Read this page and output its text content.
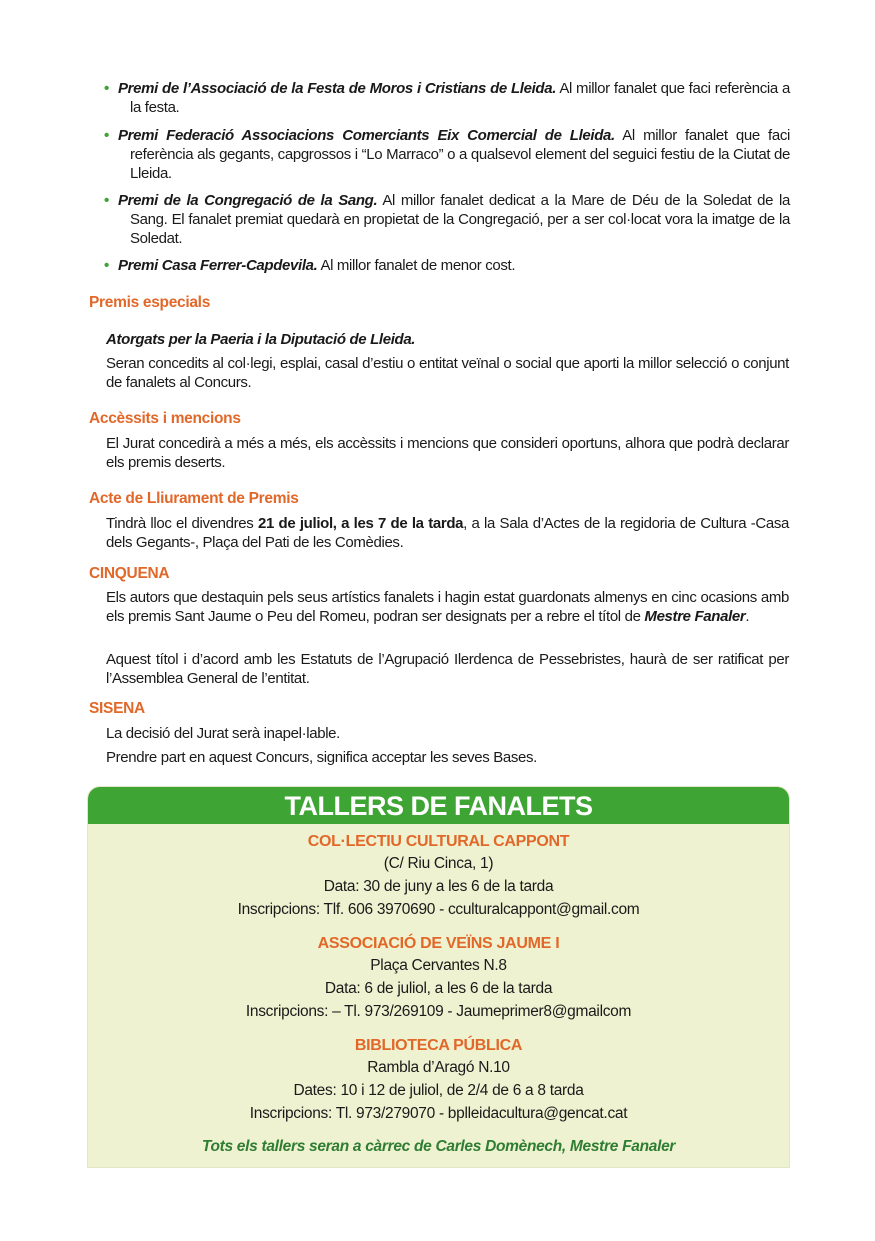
• Premi de l’Associació de la Festa de Moros i Cristians de Lleida. Al millor fanalet que faci referència a la festa.
• Premi Federació Associacions Comerciants Eix Comercial de Lleida. Al millor fanalet que faci referència als gegants, capgrossos i “Lo Marraco” o a qualsevol element del seguici festiu de la Ciutat de Lleida.
• Premi de la Congregació de la Sang. Al millor fanalet dedicat a la Mare de Déu de la Soledat de la Sang. El fanalet premiat quedarà en propietat de la Congregació, per a ser col·locat vora la imatge de la Soledat.
• Premi Casa Ferrer-Capdevila. Al millor fanalet de menor cost.
Premis especials
Atorgats per la Paeria i la Diputació de Lleida.
Seran concedits al col·legi, esplai, casal d’estiu o entitat veïnal o social que aporti la millor selecció o conjunt de fanalets al Concurs.
Accèssits i mencions
El Jurat concedirà a més a més, els accèssits i mencions que consideri oportuns, alhora que podrà declarar els premis deserts.
Acte de Lliurament de Premis
Tindrà lloc el divendres 21 de juliol, a les 7 de la tarda, a la Sala d’Actes de la regidoria de Cultura -Casa dels Gegants-, Plaça del Pati de les Comèdies.
CINQUENA
Els autors que destaquin pels seus artístics fanalets i hagin estat guardonats almenys en cinc ocasions amb els premis Sant Jaume o Peu del Romeu, podran ser designats per a rebre el títol de Mestre Fanaler.
Aquest títol i d’acord amb les Estatuts de l’Agrupació Ilerdenca de Pessebristes, haurà de ser ratificat per l’Assemblea General de l’entitat.
SISENA
La decisió del Jurat serà inapel·lable.
Prendre part en aquest Concurs, significa acceptar les seves Bases.
TALLERS DE FANALETS
COL·LECTIU CULTURAL CAPPONT
(C/ Riu Cinca, 1)
Data: 30 de juny a les 6 de la tarda
Inscripcions: Tlf. 606 3970690 - cculturalcappont@gmail.com
ASSOCIACIÓ DE VEÏNS JAUME I
Plaça Cervantes N.8
Data: 6 de juliol, a les 6 de la tarda
Inscripcions: – Tl. 973/269109 - Jaumeprimer8@gmailcom
BIBLIOTECA PÚBLICA
Rambla d’Aragó N.10
Dates: 10 i 12 de juliol, de 2/4 de 6 a 8 tarda
Inscripcions: Tl. 973/279070 - bplleidacultura@gencat.cat
Tots els tallers seran a càrrec de Carles Domènech, Mestre Fanaler
